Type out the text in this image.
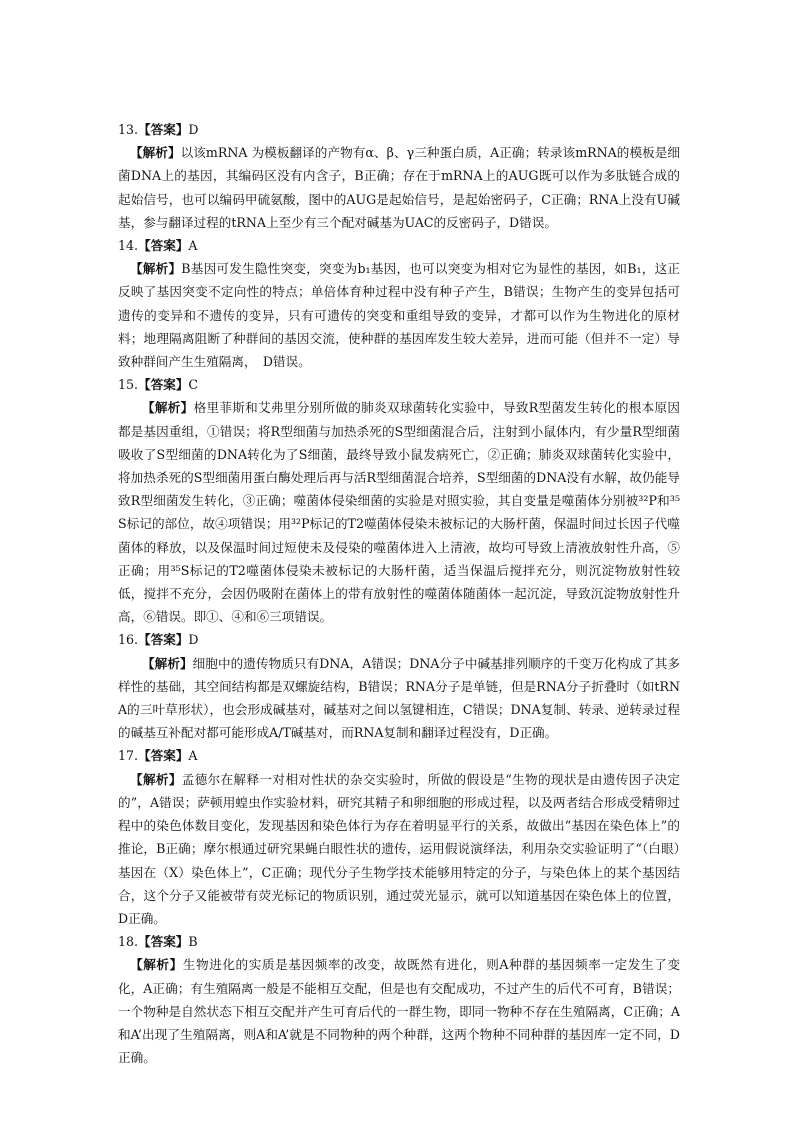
13.【答案】D

【解析】以该mRNA 为模板翻译的产物有α、β、γ三种蛋白质，A正确；转录该mRNA的模板是细菌DNA上的基因，其编码区没有内含子，B正确；存在于mRNA上的AUG既可以作为多肽链合成的起始信号，也可以编码甲硫氨酸，图中的AUG是起始信号，是起始密码子，C正确；RNA上没有U碱基，参与翻译过程的tRNA上至少有三个配对碱基为UAC的反密码子，D错误。

14.【答案】A

【解析】B基因可发生隐性突变，突变为b₁基因，也可以突变为相对它为显性的基因，如B₁，这正反映了基因突变不定向性的特点；单倍体育种过程中没有种子产生，B错误；生物产生的变异包括可遗传的变异和不遗传的变异，只有可遗传的突变和重组导致的变异，才都可以作为生物进化的原材料；地理隔离阻断了种群间的基因交流，使种群的基因库发生较大差异，进而可能（但并不一定）导致种群间产生生殖隔离，　D错误。

15.【答案】C

【解析】格里菲斯和艾弗里分别所做的肺炎双球菌转化实验中，导致R型菌发生转化的根本原因都是基因重组，①错误；将R型细菌与加热杀死的S型细菌混合后，注射到小鼠体内，有少量R型细菌吸收了S型细菌的DNA转化为了S细菌，最终导致小鼠发病死亡，②正确；肺炎双球菌转化实验中，将加热杀死的S型细菌用蛋白酶处理后再与活R型细菌混合培养，S型细菌的DNA没有水解，故仍能导致R型细菌发生转化，③正确；噬菌体侵染细菌的实验是对照实验，其自变量是噬菌体分别被³²P和³⁵S标记的部位，故④项错误；用³²P标记的T2噬菌体侵染未被标记的大肠杆菌，保温时间过长因子代噬菌体的释放，以及保温时间过短使未及侵染的噬菌体进入上清液，故均可导致上清液放射性升高，⑤正确；用³⁵S标记的T2噬菌体侵染未被标记的大肠杆菌，适当保温后搅拌充分，则沉淀物放射性较低，搅拌不充分，会因仍吸附在菌体上的带有放射性的噬菌体随菌体一起沉淀，导致沉淀物放射性升高，⑥错误。即①、④和⑥三项错误。

16.【答案】D

【解析】细胞中的遗传物质只有DNA，A错误；DNA分子中碱基排列顺序的千变万化构成了其多样性的基础，其空间结构都是双螺旋结构，B错误；RNA分子是单链，但是RNA分子折叠时（如tRNA的三叶草形状），也会形成碱基对，碱基对之间以氢键相连，C错误；DNA复制、转录、逆转录过程的碱基互补配对都可能形成A/T碱基对，而RNA复制和翻译过程没有，D正确。

17.【答案】A

【解析】孟德尔在解释一对相对性状的杂交实验时，所做的假设是“生物的现状是由遗传因子决定的”，A错误；萨顿用蝗虫作实验材料，研究其精子和卵细胞的形成过程，以及两者结合形成受精卵过程中的染色体数目变化，发现基因和染色体行为存在着明显平行的关系，故做出“基因在染色体上”的推论，B正确；摩尔根通过研究果蝇白眼性状的遗传，运用假说演绎法，利用杂交实验证明了“（白眼）基因在（X）染色体上”，C正确；现代分子生物学技术能够用特定的分子，与染色体上的某个基因结合，这个分子又能被带有荧光标记的物质识别，通过荧光显示，就可以知道基因在染色体上的位置，D正确。

18.【答案】B

【解析】生物进化的实质是基因频率的改变，故既然有进化，则A种群的基因频率一定发生了变化，A正确；有生殖隔离一般是不能相互交配，但是也有交配成功，不过产生的后代不可育，B错误；一个物种是自然状态下相互交配并产生可育后代的一群生物，即同一物种不存在生殖隔离，C正确；A和A’出现了生殖隔离，则A和A’就是不同物种的两个种群，这两个物种不同种群的基因库一定不同，D正确。
